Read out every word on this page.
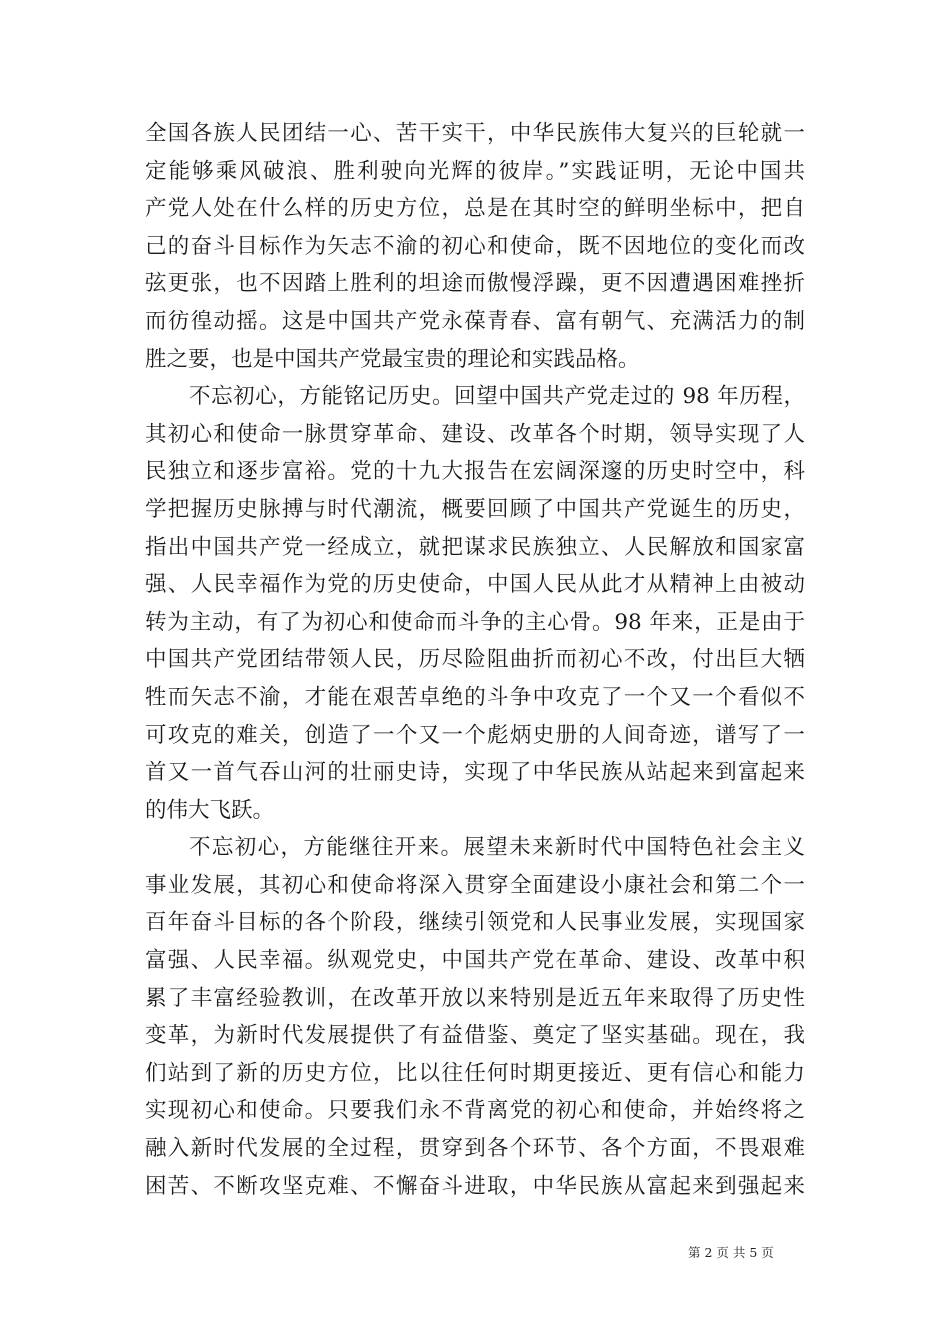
全国各族人民团结一心、苦干实干，中华民族伟大复兴的巨轮就一
定能够乘风破浪、胜利驶向光辉的彼岸。”实践证明，无论中国共
产党人处在什么样的历史方位，总是在其时空的鲜明坐标中，把自
己的奋斗目标作为矢志不渝的初心和使命，既不因地位的变化而改
弦更张，也不因踏上胜利的坦途而傲慢浮躁，更不因遭遇困难挫折
而彷徨动摇。这是中国共产党永葆青春、富有朝气、充满活力的制
胜之要，也是中国共产党最宝贵的理论和实践品格。
不忘初心，方能铭记历史。回望中国共产党走过的 98 年历程，
其初心和使命一脉贯穿革命、建设、改革各个时期，领导实现了人
民独立和逐步富裕。党的十九大报告在宏阔深邃的历史时空中，科
学把握历史脉搏与时代潮流，概要回顾了中国共产党诞生的历史，
指出中国共产党一经成立，就把谋求民族独立、人民解放和国家富
强、人民幸福作为党的历史使命，中国人民从此才从精神上由被动
转为主动，有了为初心和使命而斗争的主心骨。98 年来，正是由于
中国共产党团结带领人民，历尽险阻曲折而初心不改，付出巨大牺
牲而矢志不渝，才能在艰苦卓绝的斗争中攻克了一个又一个看似不
可攻克的难关，创造了一个又一个彪炳史册的人间奇迹，谱写了一
首又一首气吞山河的壮丽史诗，实现了中华民族从站起来到富起来
的伟大飞跃。
不忘初心，方能继往开来。展望未来新时代中国特色社会主义
事业发展，其初心和使命将深入贯穿全面建设小康社会和第二个一
百年奋斗目标的各个阶段，继续引领党和人民事业发展，实现国家
富强、人民幸福。纵观党史，中国共产党在革命、建设、改革中积
累了丰富经验教训，在改革开放以来特别是近五年来取得了历史性
变革，为新时代发展提供了有益借鉴、奠定了坚实基础。现在，我
们站到了新的历史方位，比以往任何时期更接近、更有信心和能力
实现初心和使命。只要我们永不背离党的初心和使命，并始终将之
融入新时代发展的全过程，贯穿到各个环节、各个方面，不畏艰难
困苦、不断攻坚克难、不懈奋斗进取，中华民族从富起来到强起来
第 2 页 共 5 页
